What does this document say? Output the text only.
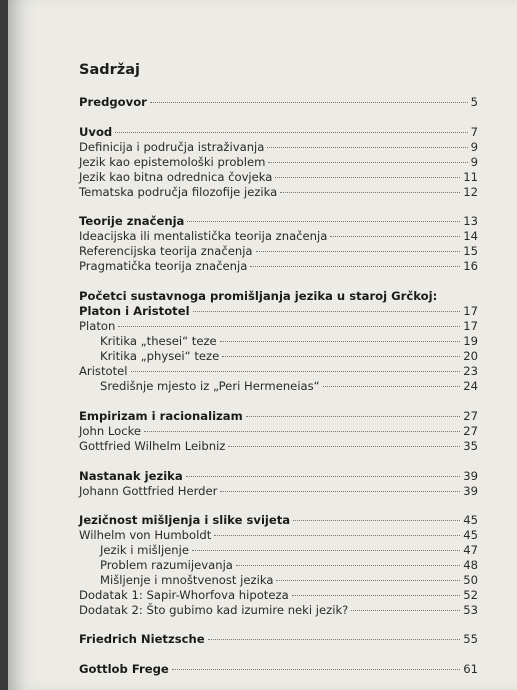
Sadržaj
Predgovor	5
Uvod	7
Definicija i područja istraživanja	9
Jezik kao epistemološki problem	9
Jezik kao bitna odrednica čovjeka	11
Tematska područja filozofije jezika	12
Teorije značenja	13
Ideacijska ili mentalistička teorija značenja	14
Referencijska teorija značenja	15
Pragmatička teorija značenja	16
Početci sustavnoga promišljanja jezika u staroj Grčkoj:
Platon i Aristotel	17
Platon	17
Kritika „thesei“ teze	19
Kritika „physei“ teze	20
Aristotel	23
Središnje mjesto iz „Peri Hermeneias“	24
Empirizam i racionalizam	27
John Locke	27
Gottfried Wilhelm Leibniz	35
Nastanak jezika	39
Johann Gottfried Herder	39
Jezičnost mišljenja i slike svijeta	45
Wilhelm von Humboldt	45
Jezik i mišljenje	47
Problem razumijevanja	48
Mišljenje i mnoštvenost jezika	50
Dodatak 1: Sapir-Whorfova hipoteza	52
Dodatak 2: Što gubimo kad izumire neki jezik?	53
Friedrich Nietzsche	55
Gottlob Frege	61
